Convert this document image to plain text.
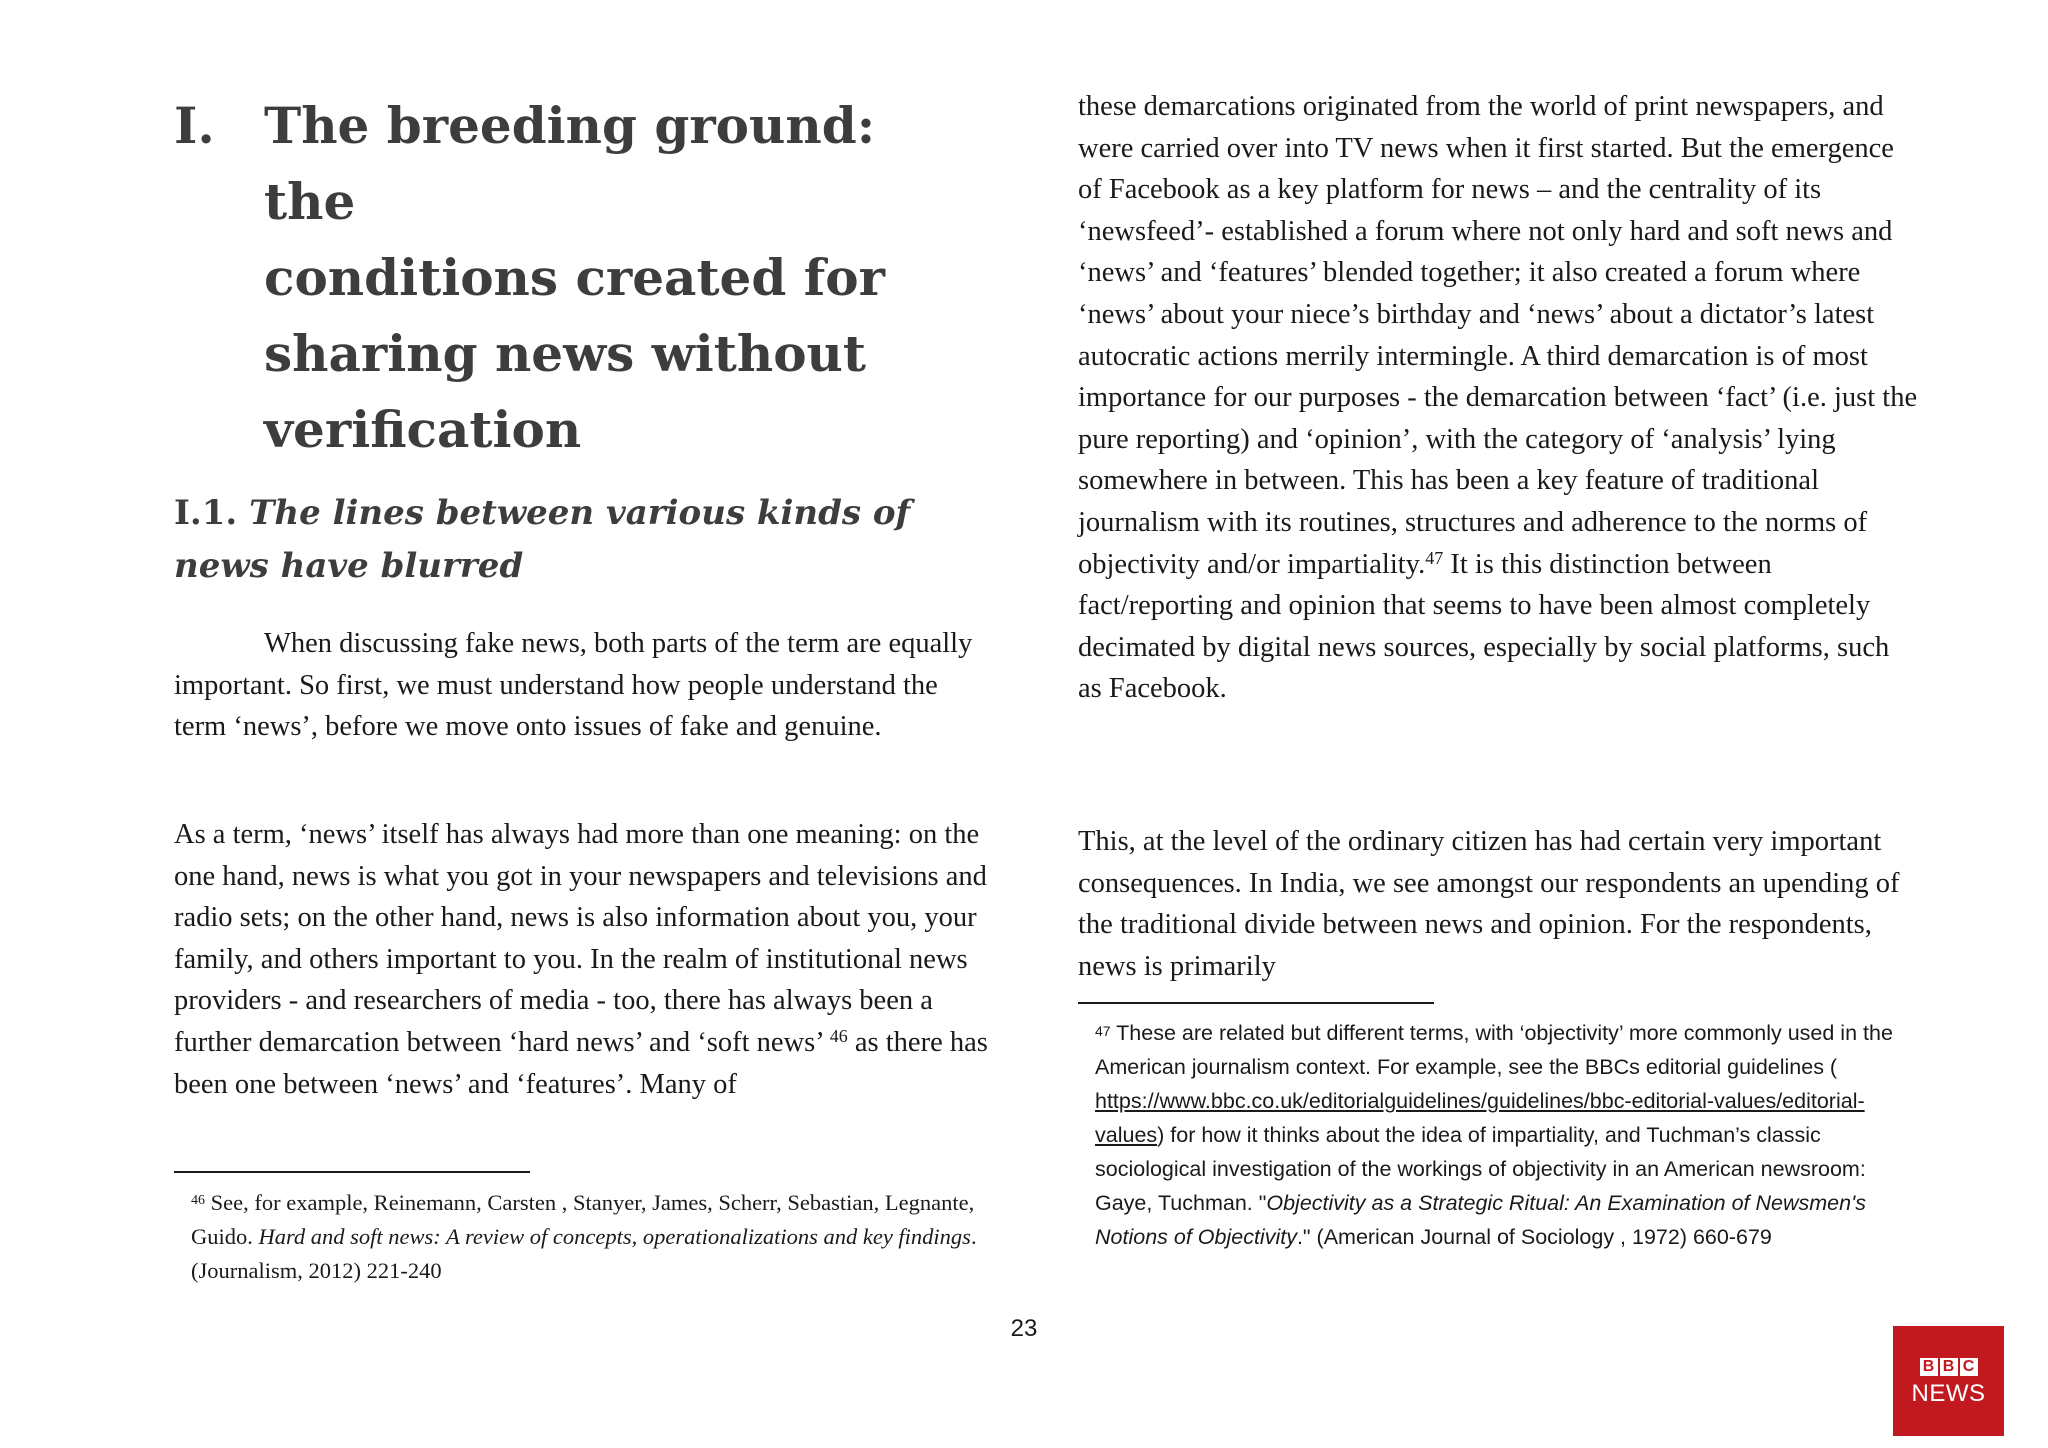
I. The breeding ground: the
conditions created for
sharing news without
verification
I.1. The lines between various kinds of news have blurred

When discussing fake news, both parts of the term are equally important. So first, we must understand how people understand the term ‘news’, before we move onto issues of fake and genuine.

As a term, ‘news’ itself has always had more than one meaning: on the one hand, news is what you got in your newspapers and televisions and radio sets; on the other hand, news is also information about you, your family, and others important to you. In the realm of institutional news providers - and researchers of media - too, there has always been a further demarcation between ‘hard news’ and ‘soft news’ $^{46}$ as there has been one between ‘news’ and ‘features’. Many of

these demarcations originated from the world of print newspapers, and were carried over into TV news when it first started. But the emergence of Facebook as a key platform for news – and the centrality of its ‘newsfeed’- established a forum where not only hard and soft news and ‘news’ and ‘features’ blended together; it also created a forum where ‘news’ about your niece’s birthday and ‘news’ about a dictator’s latest autocratic actions merrily intermingle. A third demarcation is of most importance for our purposes - the demarcation between ‘fact’ (i.e. just the pure reporting) and ‘opinion’, with the category of ‘analysis’ lying somewhere in between. This has been a key feature of traditional journalism with its routines, structures and adherence to the norms of objectivity and/or impartiality.$^{47}$ It is this distinction between fact/reporting and opinion that seems to have been almost completely decimated by digital news sources, especially by social platforms, such as Facebook.

This, at the level of the ordinary citizen has had certain very important consequences. In India, we see amongst our respondents an upending of the traditional divide between news and opinion. For the respondents, news is primarily

$^{46}$ See, for example, Reinemann, Carsten , Stanyer, James, Scherr, Sebastian, Legnante, Guido. Hard and soft news: A review of concepts, operationalizations and key findings. (Journalism, 2012) 221-240
$^{47}$ These are related but different terms, with ‘objectivity’ more commonly used in the American journalism context. For example, see the BBCs editorial guidelines ( https://www.bbc.co.uk/editorialguidelines/guidelines/bbc-editorial-values/editorial-values) for how it thinks about the idea of impartiality, and Tuchman’s classic sociological investigation of the workings of objectivity in an American newsroom: Gaye, Tuchman. "Objectivity as a Strategic Ritual: An Examination of Newsmen's Notions of Objectivity." (American Journal of Sociology , 1972) 660-679
23
B B C
NEWS
